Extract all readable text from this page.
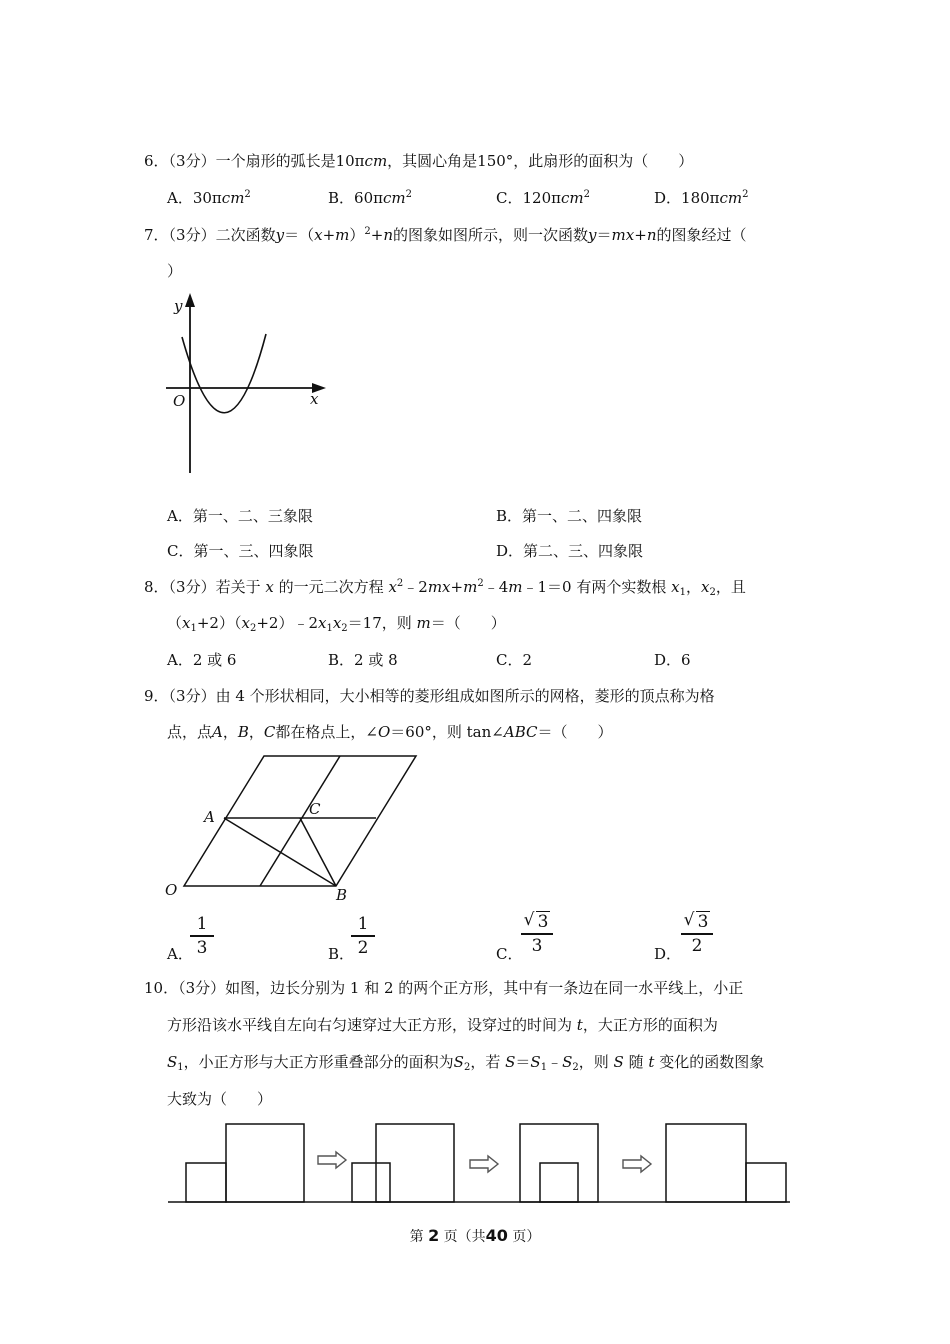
6．（3分）一个扇形的弧长是10πcm，其圆心角是150°，此扇形的面积为（　　）
A．30πcm$^2$	B．60πcm$^2$	C．120πcm$^2$	D．180πcm$^2$
7．（3分）二次函数$y=(x+m)^2+n$的图象如图所示，则一次函数y＝mx+n的图象经过（
）
y
x
O
A．第一、二、三象限	B．第一、二、四象限
C．第一、三、四象限	D．第二、三、四象限
8．（3分）若关于 x 的一元二次方程 $x^2﹣2mx+m^2﹣4m﹣1=0$ 有两个实数根 $x_1$，$x_2$，且
$(x_1+2)(x_2+2)﹣2x_1x_2=17$，则 m＝（　　）
A．2 或 6	B．2 或 8	C．2	D．6
9．（3分）由 4 个形状相同，大小相等的菱形组成如图所示的网格，菱形的顶点称为格
点，点A，B，C都在格点上，∠O＝60°，则 tan∠ABC＝（　　）
A	C
B
O
A．
1
3	B．
1
2	C．
√ 3
3	D．
√ 3
2
10．（3分）如图，边长分别为 1 和 2 的两个正方形，其中有一条边在同一水平线上，小正
方形沿该水平线自左向右匀速穿过大正方形，设穿过的时间为 t，大正方形的面积为
$S_1$，小正方形与大正方形重叠部分的面积为$S_2$，若 $S=S_1﹣S_2$，则 S 随 t 变化的函数图象
大致为（　　）
第 2 页（共40 页）
